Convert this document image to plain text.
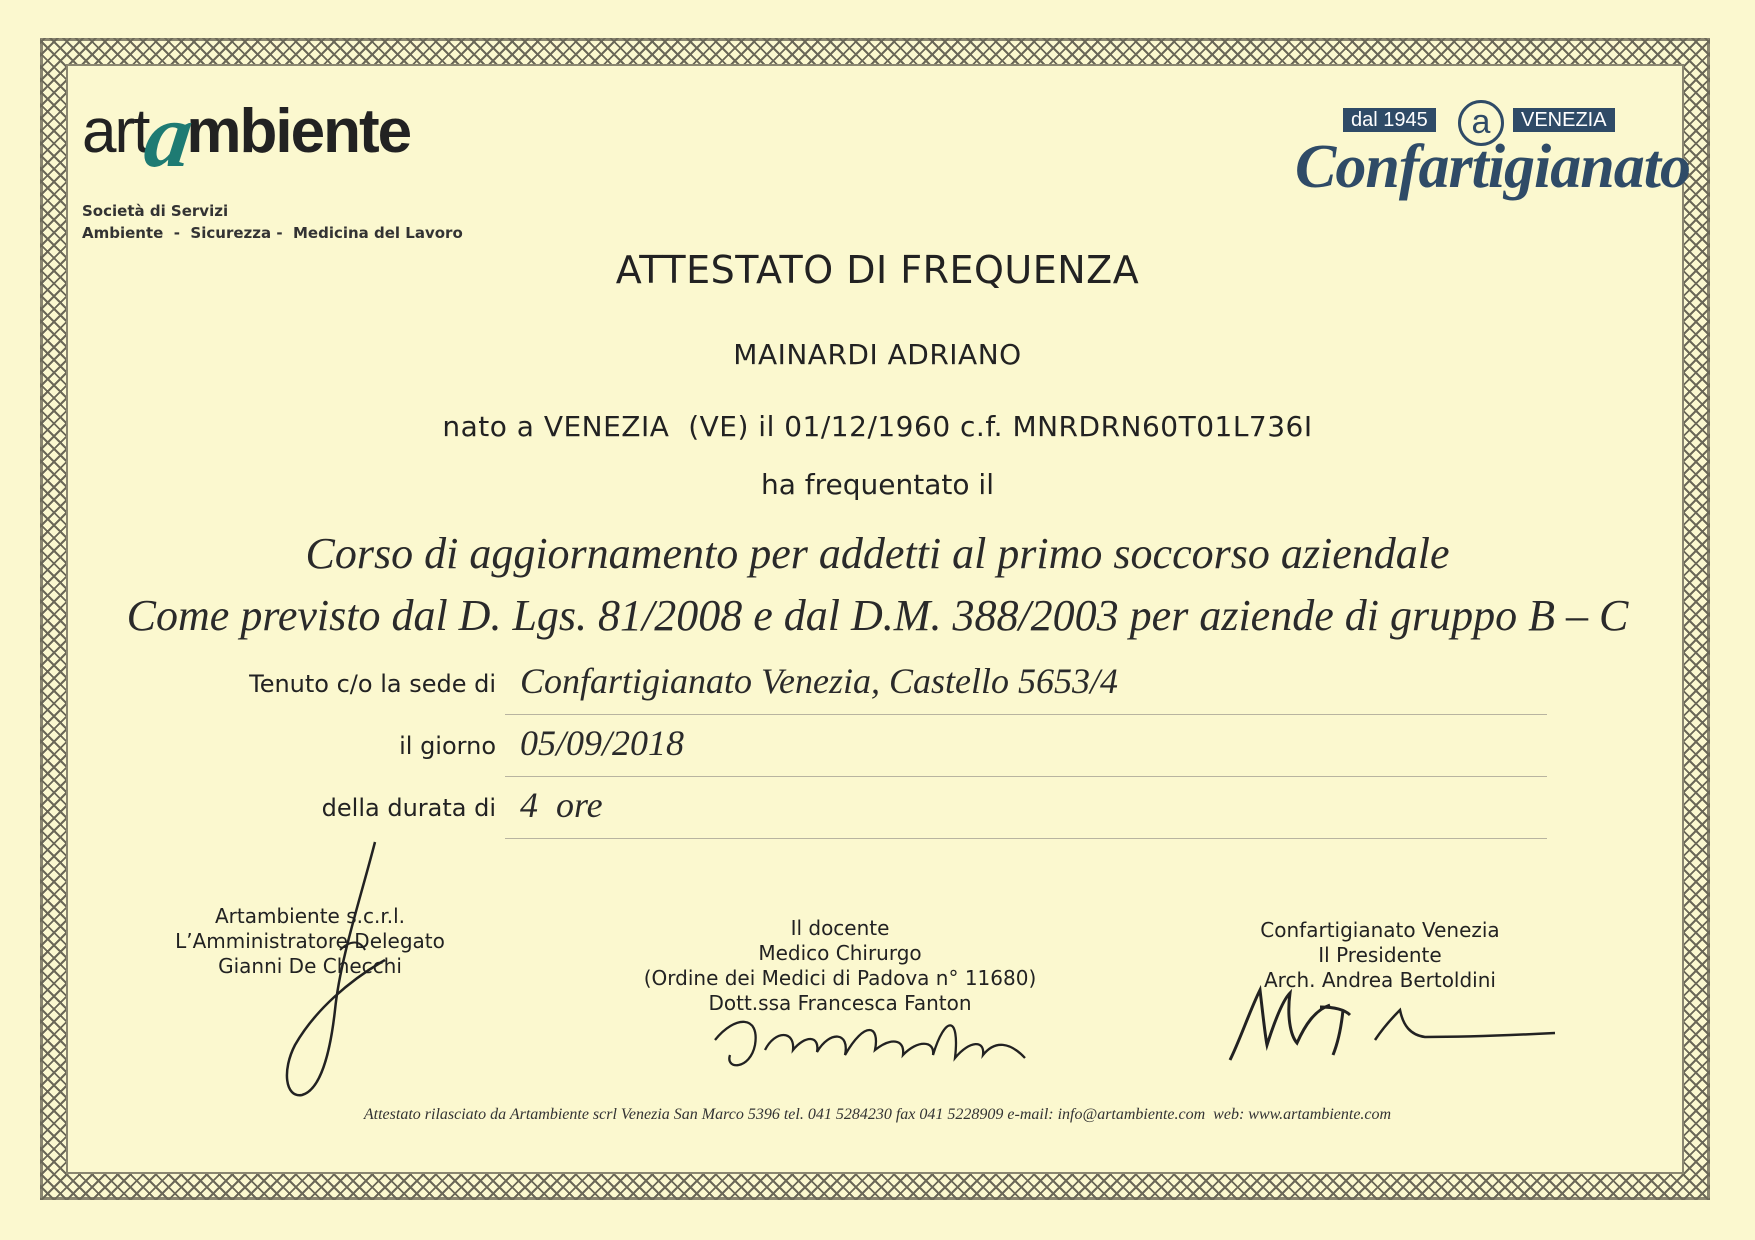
artambiente
Società di Servizi
Ambiente  -  Sicurezza -  Medicina del Lavoro
dal 1945	a	VENEZIA
Confartigianato
ATTESTATO DI FREQUENZA
MAINARDI ADRIANO
nato a VENEZIA  (VE) il 01/12/1960 c.f. MNRDRN60T01L736I
ha frequentato il
Corso di aggiornamento per addetti al primo soccorso aziendale
Come previsto dal D. Lgs. 81/2008 e dal D.M. 388/2003 per aziende di gruppo B – C
Tenuto c/o la sede di Confartigianato Venezia, Castello 5653/4
il giorno 05/09/2018
della durata di 4  ore
Artambiente s.c.r.l.
L’Amministratore Delegato
Gianni De Checchi
Il docente
Medico Chirurgo
(Ordine dei Medici di Padova n° 11680)
Dott.ssa Francesca Fanton
Confartigianato Venezia
Il Presidente
Arch. Andrea Bertoldini
Attestato rilasciato da Artambiente scrl Venezia San Marco 5396 tel. 041 5284230 fax 041 5228909 e-mail: info@artambiente.com  web: www.artambiente.com
